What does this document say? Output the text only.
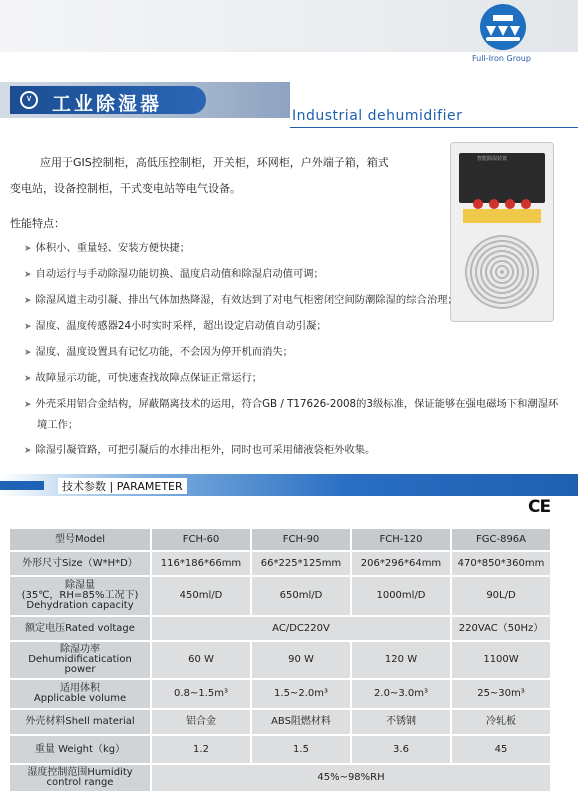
Full-Iron Group
∨	工业除湿器
Industrial dehumidifier
智能除湿装置
应用于GIS控制柜，高低压控制柜，开关柜，环网柜，户外端子箱，箱式
变电站，设备控制柜，干式变电站等电气设备。
性能特点：
➤ 体积小、重量轻、安装方便快捷；
➤ 自动运行与手动除湿功能切换、温度启动值和除湿启动值可调；
➤ 除湿风道主动引凝、排出气体加热降湿，有效达到了对电气柜密闭空间防潮除湿的综合治理；
➤ 湿度、温度传感器24小时实时采样，超出设定启动值自动引凝；
➤ 湿度、温度设置具有记忆功能，不会因为停开机而消失；
➤ 故障显示功能，可快速查找故障点保证正常运行；
➤ 外壳采用铝合金结构，屏蔽隔离技术的运用，符合GB / T17626-2008的3级标准，保证能够在强电磁场下和潮湿环境工作；
➤ 除湿引凝管路，可把引凝后的水排出柜外，同时也可采用储液袋柜外收集。
技术参数 | PARAMETER
CE
型号Model	FCH-60	FCH-90	FCH-120	FGC-896A
外形尺寸Size（W*H*D）	116*186*66mm	66*225*125mm	206*296*64mm	470*850*360mm

除湿量
(35℃，RH=85%工况下)
Dehydration capacity	450ml/D	650ml/D	1000ml/D	90L/D
额定电压Rated voltage	AC/DC220V			220VAC（50Hz）

除湿功率
Dehumidificatication
power	60 W	90 W	120 W	1100W

适用体积
Applicable volume	0.8~1.5m³	1.5~2.0m³	2.0~3.0m³	25~30m³
外壳材料Shell material	铝合金	ABS阻燃材料	不锈钢	冷轧板
重量 Weight（kg）	1.2	1.5	3.6	45

湿度控制范围Humidity
control range	45%~98%RH			
